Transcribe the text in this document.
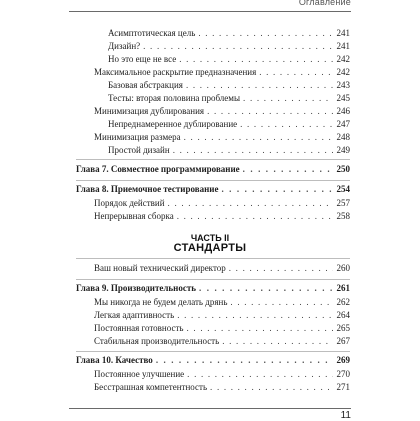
Оглавление
Асимптотическая цель . . .	241
Дизайн? . . .	241
Но это еще не все . . .	242
Максимальное раскрытие предназначения . . .	242
Базовая абстракция . . .	243
Тесты: вторая половина проблемы . . .	245
Минимизация дублирования . . .	246
Непреднамеренное дублирование . . .	247
Минимизация размера . . .	248
Простой дизайн . . .	249
Глава 7. Совместное программирование . . .	250
Глава 8. Приемочное тестирование . . .	254
Порядок действий . . .	257
Непрерывная сборка . . .	258
ЧАСТЬ II
СТАНДАРТЫ
Ваш новый технический директор . . .	260
Глава 9. Производительность . . .	261
Мы никогда не будем делать дрянь . . .	262
Легкая адаптивность . . .	264
Постоянная готовность . . .	265
Стабильная производительность . . .	267
Глава 10. Качество . . .	269
Постоянное улучшение . . .	270
Бесстрашная компетентность . . .	271
11
